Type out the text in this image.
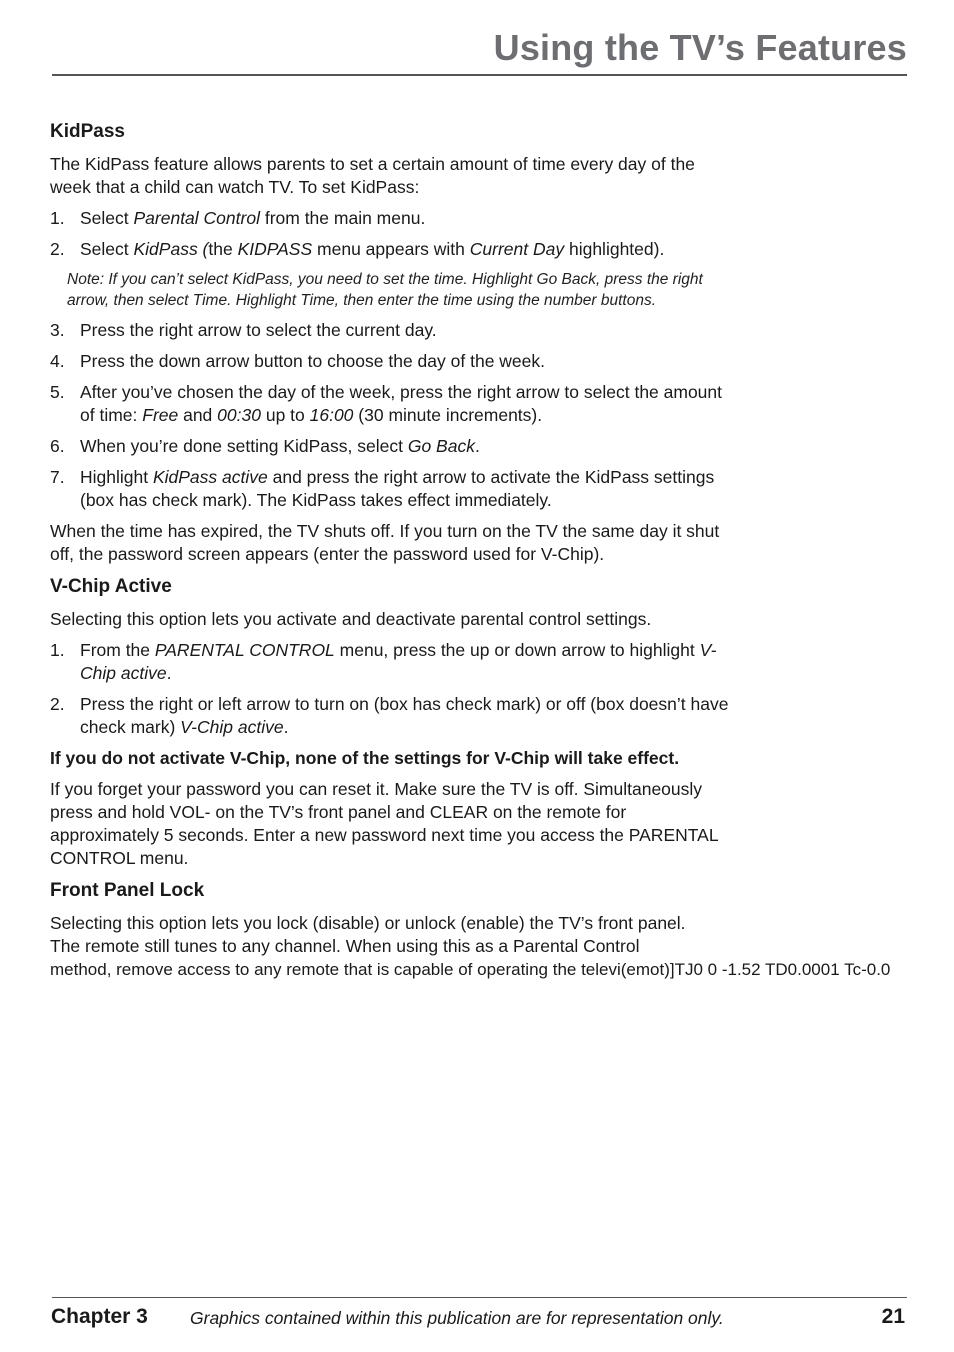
Using the TV’s Features
KidPass

The KidPass feature allows parents to set a certain amount of time every day of the week that a child can watch TV. To set KidPass:

1. Select Parental Control from the main menu.
2. Select KidPass (the KIDPASS menu appears with Current Day highlighted).

Note: If you can’t select KidPass, you need to set the time. Highlight Go Back, press the right arrow, then select Time. Highlight Time, then enter the time using the number buttons.

3. Press the right arrow to select the current day.
4. Press the down arrow button to choose the day of the week.
5. After you’ve chosen the day of the week, press the right arrow to select the amount of time: Free and 00:30 up to 16:00 (30 minute increments).
6. When you’re done setting KidPass, select Go Back.
7. Highlight KidPass active and press the right arrow to activate the KidPass settings (box has check mark). The KidPass takes effect immediately.

When the time has expired, the TV shuts off. If you turn on the TV the same day it shut off, the password screen appears (enter the password used for V-Chip).

V-Chip Active

Selecting this option lets you activate and deactivate parental control settings.

1. From the PARENTAL CONTROL menu, press the up or down arrow to highlight V-Chip active.
2. Press the right or left arrow to turn on (box has check mark) or off (box doesn’t have check mark) V-Chip active.

If you do not activate V-Chip, none of the settings for V-Chip will take effect.

If you forget your password you can reset it. Make sure the TV is off. Simultaneously press and hold VOL- on the TV’s front panel and CLEAR on the remote for approximately 5 seconds. Enter a new password next time you access the PARENTAL CONTROL menu.

Front Panel Lock

Selecting this option lets you lock (disable) or unlock (enable) the TV’s front panel.
The remote still tunes to any channel. When using this as a Parental Control
method, remove access to any remote that is capable of operating the televi(emot)]TJ0 0 -1.52 TD0.0001 Tc-0.0

Chapter 3 Graphics contained within this publication are for representation only.	21
